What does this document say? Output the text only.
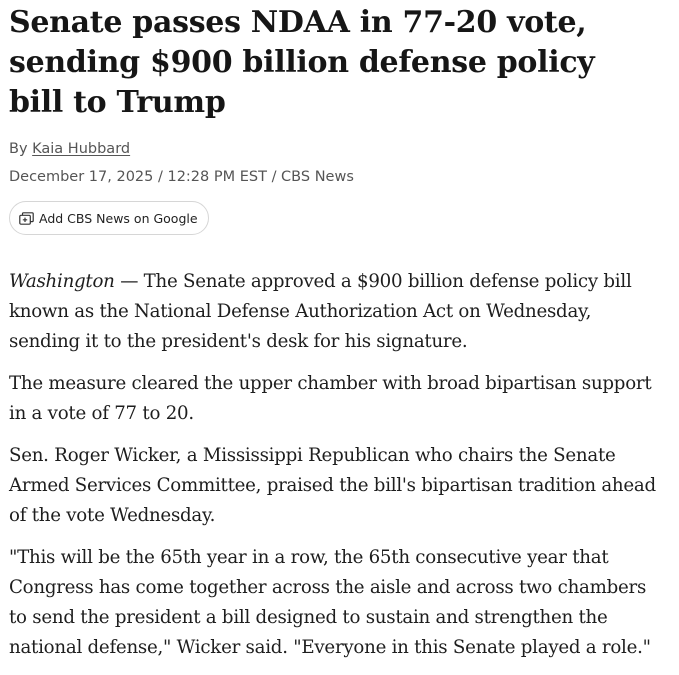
Senate passes NDAA in 77-20 vote, sending $900 billion defense policy bill to Trump
By Kaia Hubbard
December 17, 2025 / 12:28 PM EST / CBS News
Add CBS News on Google

Washington — The Senate approved a $900 billion defense policy bill known as the National Defense Authorization Act on Wednesday, sending it to the president's desk for his signature.

The measure cleared the upper chamber with broad bipartisan support in a vote of 77 to 20.

Sen. Roger Wicker, a Mississippi Republican who chairs the Senate Armed Services Committee, praised the bill's bipartisan tradition ahead of the vote Wednesday.

"This will be the 65th year in a row, the 65th consecutive year that Congress has come together across the aisle and across two chambers to send the president a bill designed to sustain and strengthen the national defense," Wicker said. "Everyone in this Senate played a role."
